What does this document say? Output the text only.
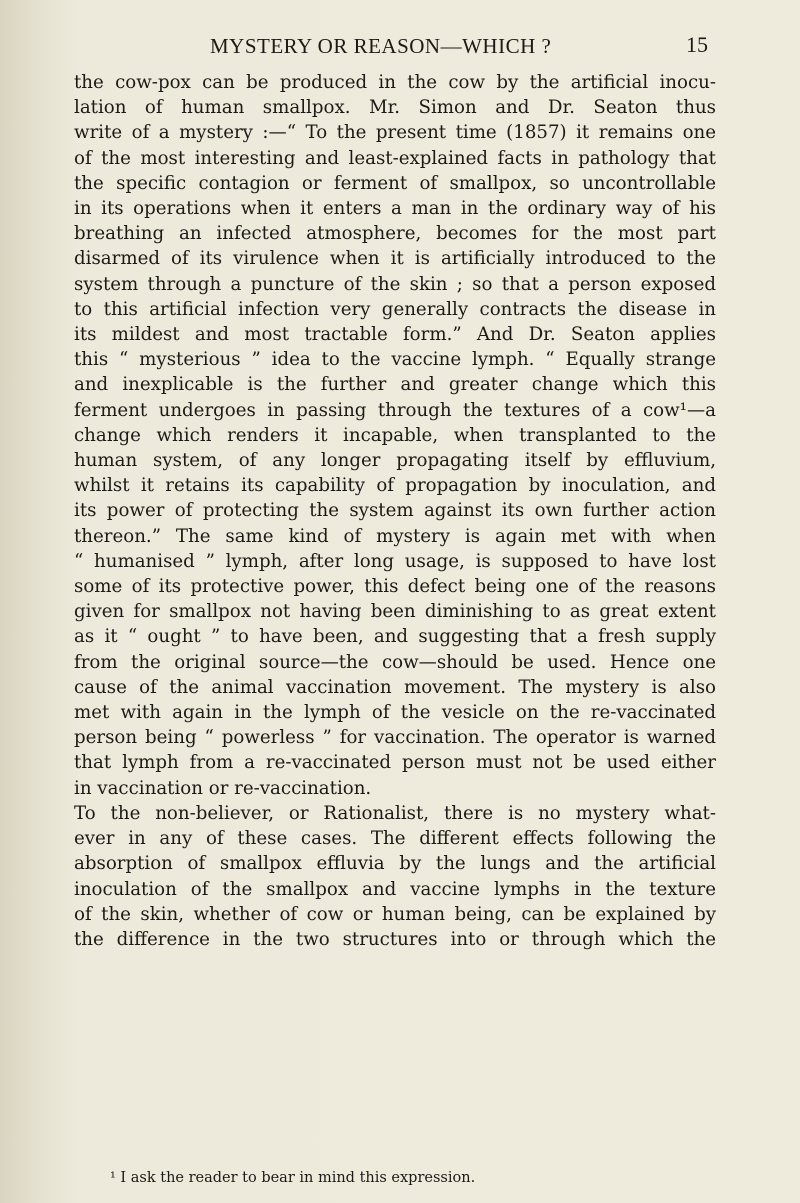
MYSTERY OR REASON—WHICH ?	15
the cow-pox can be produced in the cow by the artificial inocu-
lation of human smallpox. Mr. Simon and Dr. Seaton thus
write of a mystery :—“ To the present time (1857) it remains one
of the most interesting and least-explained facts in pathology that
the specific contagion or ferment of smallpox, so uncontrollable
in its operations when it enters a man in the ordinary way of his
breathing an infected atmosphere, becomes for the most part
disarmed of its virulence when it is artificially introduced to the
system through a puncture of the skin ; so that a person exposed
to this artificial infection very generally contracts the disease in
its mildest and most tractable form.” And Dr. Seaton applies
this “ mysterious ” idea to the vaccine lymph. “ Equally strange
and inexplicable is the further and greater change which this
ferment undergoes in passing through the textures of a cow¹—a
change which renders it incapable, when transplanted to the
human system, of any longer propagating itself by effluvium,
whilst it retains its capability of propagation by inoculation, and
its power of protecting the system against its own further action
thereon.” The same kind of mystery is again met with when
“ humanised ” lymph, after long usage, is supposed to have lost
some of its protective power, this defect being one of the reasons
given for smallpox not having been diminishing to as great extent
as it “ ought ” to have been, and suggesting that a fresh supply
from the original source—the cow—should be used. Hence one
cause of the animal vaccination movement. The mystery is also
met with again in the lymph of the vesicle on the re-vaccinated
person being “ powerless ” for vaccination. The operator is warned
that lymph from a re-vaccinated person must not be used either
in vaccination or re-vaccination.
To the non-believer, or Rationalist, there is no mystery what-
ever in any of these cases. The different effects following the
absorption of smallpox effluvia by the lungs and the artificial
inoculation of the smallpox and vaccine lymphs in the texture
of the skin, whether of cow or human being, can be explained by
the difference in the two structures into or through which the
¹ I ask the reader to bear in mind this expression.
